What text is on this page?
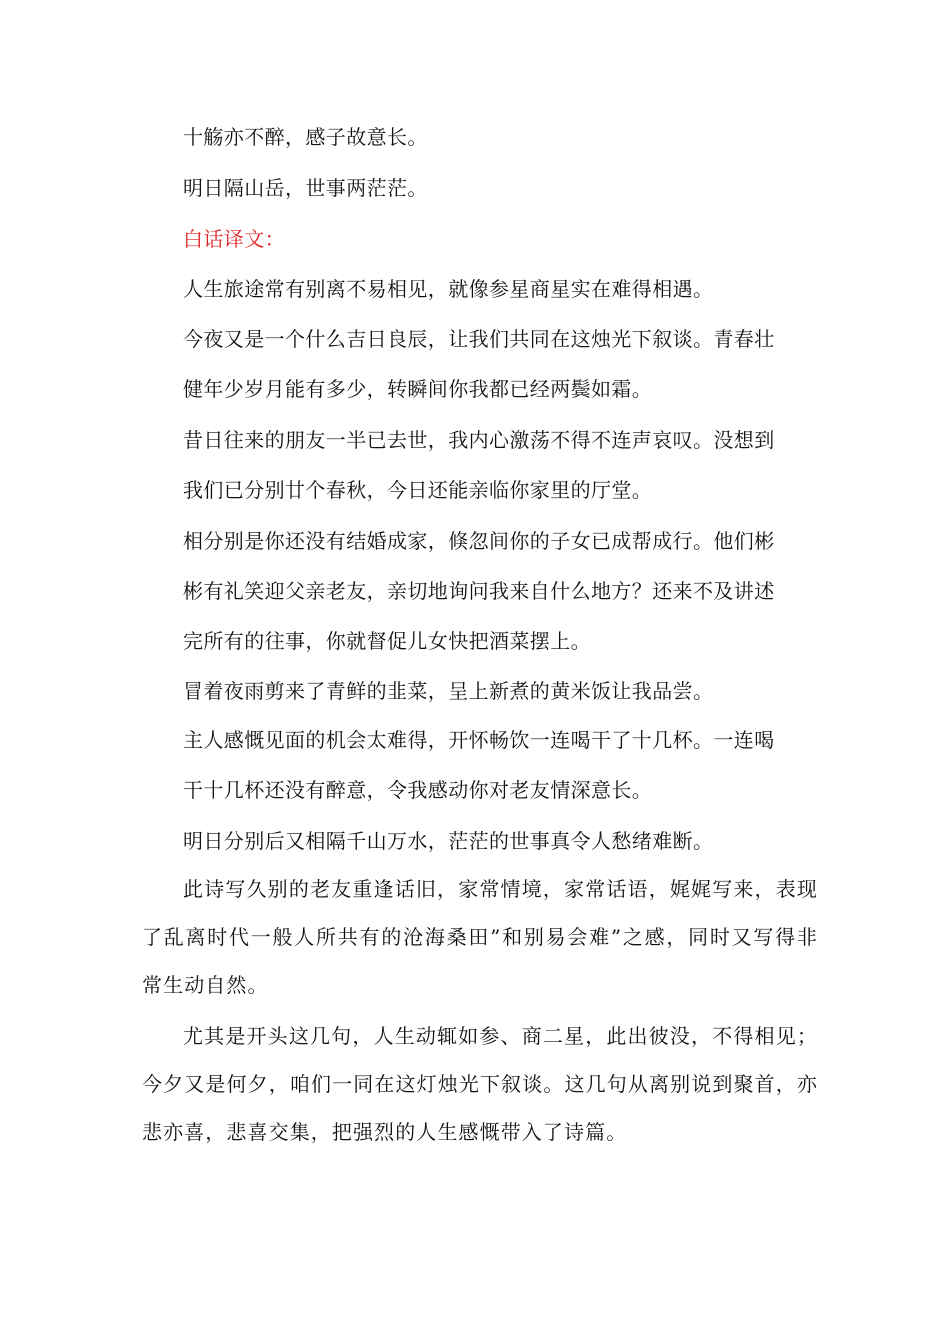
十觞亦不醉，感子故意长。
明日隔山岳，世事两茫茫。
白话译文：
人生旅途常有别离不易相见，就像参星商星实在难得相遇。
今夜又是一个什么吉日良辰，让我们共同在这烛光下叙谈。青春壮
健年少岁月能有多少，转瞬间你我都已经两鬓如霜。
昔日往来的朋友一半已去世，我内心激荡不得不连声哀叹。没想到
我们已分别廿个春秋，今日还能亲临你家里的厅堂。
相分别是你还没有结婚成家，倏忽间你的子女已成帮成行。他们彬
彬有礼笑迎父亲老友，亲切地询问我来自什么地方？还来不及讲述
完所有的往事，你就督促儿女快把酒菜摆上。
冒着夜雨剪来了青鲜的韭菜，呈上新煮的黄米饭让我品尝。
主人感慨见面的机会太难得，开怀畅饮一连喝干了十几杯。一连喝
干十几杯还没有醉意，令我感动你对老友情深意长。
明日分别后又相隔千山万水，茫茫的世事真令人愁绪难断。
此诗写久别的老友重逢话旧，家常情境，家常话语，娓娓写来，表现了乱离时代一般人所共有的沧海桑田”和别易会难”之感，同时又写得非常生动自然。
尤其是开头这几句，人生动辄如参、商二星，此出彼没，不得相见；今夕又是何夕，咱们一同在这灯烛光下叙谈。这几句从离别说到聚首，亦悲亦喜，悲喜交集，把强烈的人生感慨带入了诗篇。
